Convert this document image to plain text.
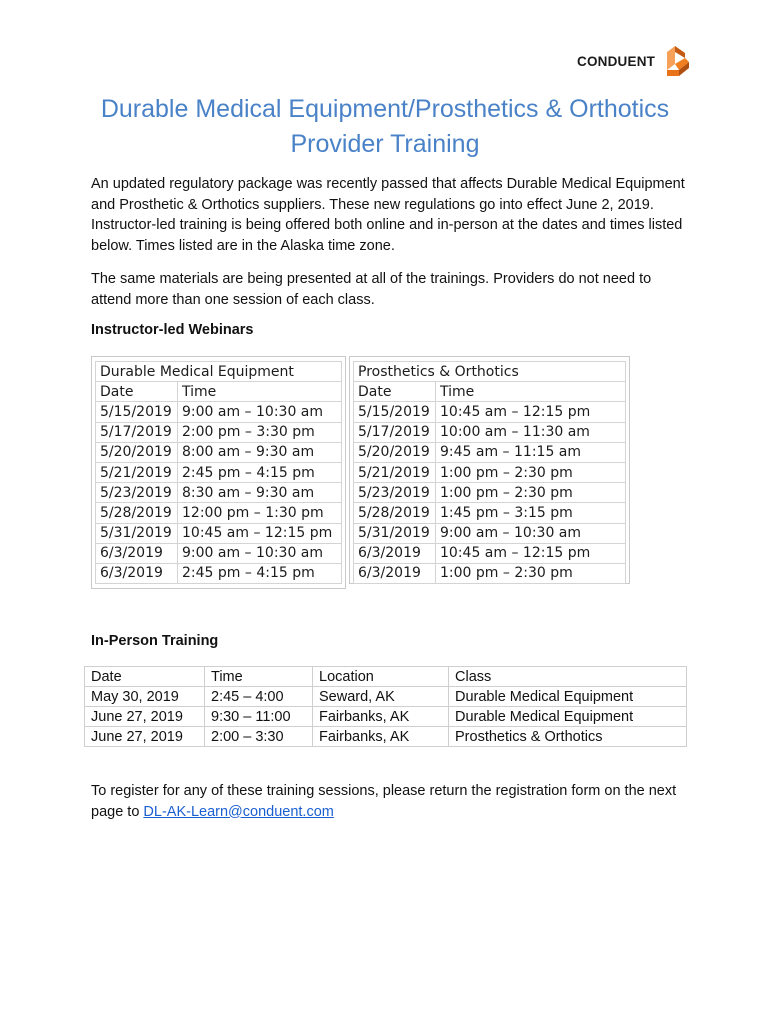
CONDUENT
Durable Medical Equipment/Prosthetics & Orthotics
Provider Training

An updated regulatory package was recently passed that affects Durable Medical Equipment and Prosthetic & Orthotics suppliers. These new regulations go into effect June 2, 2019. Instructor-led training is being offered both online and in-person at the dates and times listed below. Times listed are in the Alaska time zone.

The same materials are being presented at all of the trainings. Providers do not need to attend more than one session of each class.

Instructor-led Webinars
Durable Medical Equipment	
Date	Time
5/15/2019	9:00 am – 10:30 am
5/17/2019	2:00 pm – 3:30 pm
5/20/2019	8:00 am – 9:30 am
5/21/2019	2:45 pm – 4:15 pm
5/23/2019	8:30 am – 9:30 am
5/28/2019	12:00 pm – 1:30 pm
5/31/2019	10:45 am – 12:15 pm
6/3/2019	9:00 am – 10:30 am
6/3/2019	2:45 pm – 4:15 pm
Prosthetics & Orthotics	
Date	Time
5/15/2019	10:45 am – 12:15 pm
5/17/2019	10:00 am – 11:30 am
5/20/2019	9:45 am – 11:15 am
5/21/2019	1:00 pm – 2:30 pm
5/23/2019	1:00 pm – 2:30 pm
5/28/2019	1:45 pm – 3:15 pm
5/31/2019	9:00 am – 10:30 am
6/3/2019	10:45 am – 12:15 pm
6/3/2019	1:00 pm – 2:30 pm
In-Person Training
Date	Time	Location	Class
May 30, 2019	2:45 – 4:00	Seward, AK	Durable Medical Equipment
June 27, 2019	9:30 – 11:00	Fairbanks, AK	Durable Medical Equipment
June 27, 2019	2:00 – 3:30	Fairbanks, AK	Prosthetics & Orthotics

To register for any of these training sessions, please return the registration form on the next page to DL-AK-Learn@conduent.com
